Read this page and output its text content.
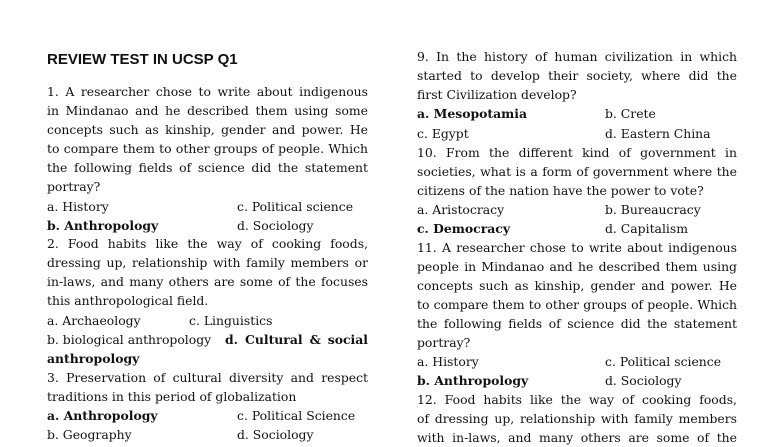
REVIEW TEST IN UCSP Q1
1. A researcher chose to write about indigenous
in Mindanao and he described them using some
concepts such as kinship, gender and power. He
to compare them to other groups of people. Which
the following fields of science did the statement
portray?
a. History	c. Political science
b. Anthropology	d. Sociology
2. Food habits like the way of cooking foods,
dressing up, relationship with family members or
in-laws, and many others are some of the focuses
this anthropological field.
a. Archaeology	c. Linguistics
b. biological anthropology d. Cultural & social
anthropology
3. Preservation of cultural diversity and respect
traditions in this period of globalization
a. Anthropology	c. Political Science
b. Geography	d. Sociology
9. In the history of human civilization in which
started to develop their society, where did the
first Civilization develop?
a. Mesopotamia	b. Crete
c. Egypt	d. Eastern China
10. From the different kind of government in
societies, what is a form of government where the
citizens of the nation have the power to vote?
a. Aristocracy	b. Bureaucracy
c. Democracy	d. Capitalism
11. A researcher chose to write about indigenous
people in Mindanao and he described them using
concepts such as kinship, gender and power. He
to compare them to other groups of people. Which
the following fields of science did the statement
portray?
a. History	c. Political science
b. Anthropology	d. Sociology
12. Food habits like the way of cooking foods,
of dressing up, relationship with family members
with in-laws, and many others are some of the
